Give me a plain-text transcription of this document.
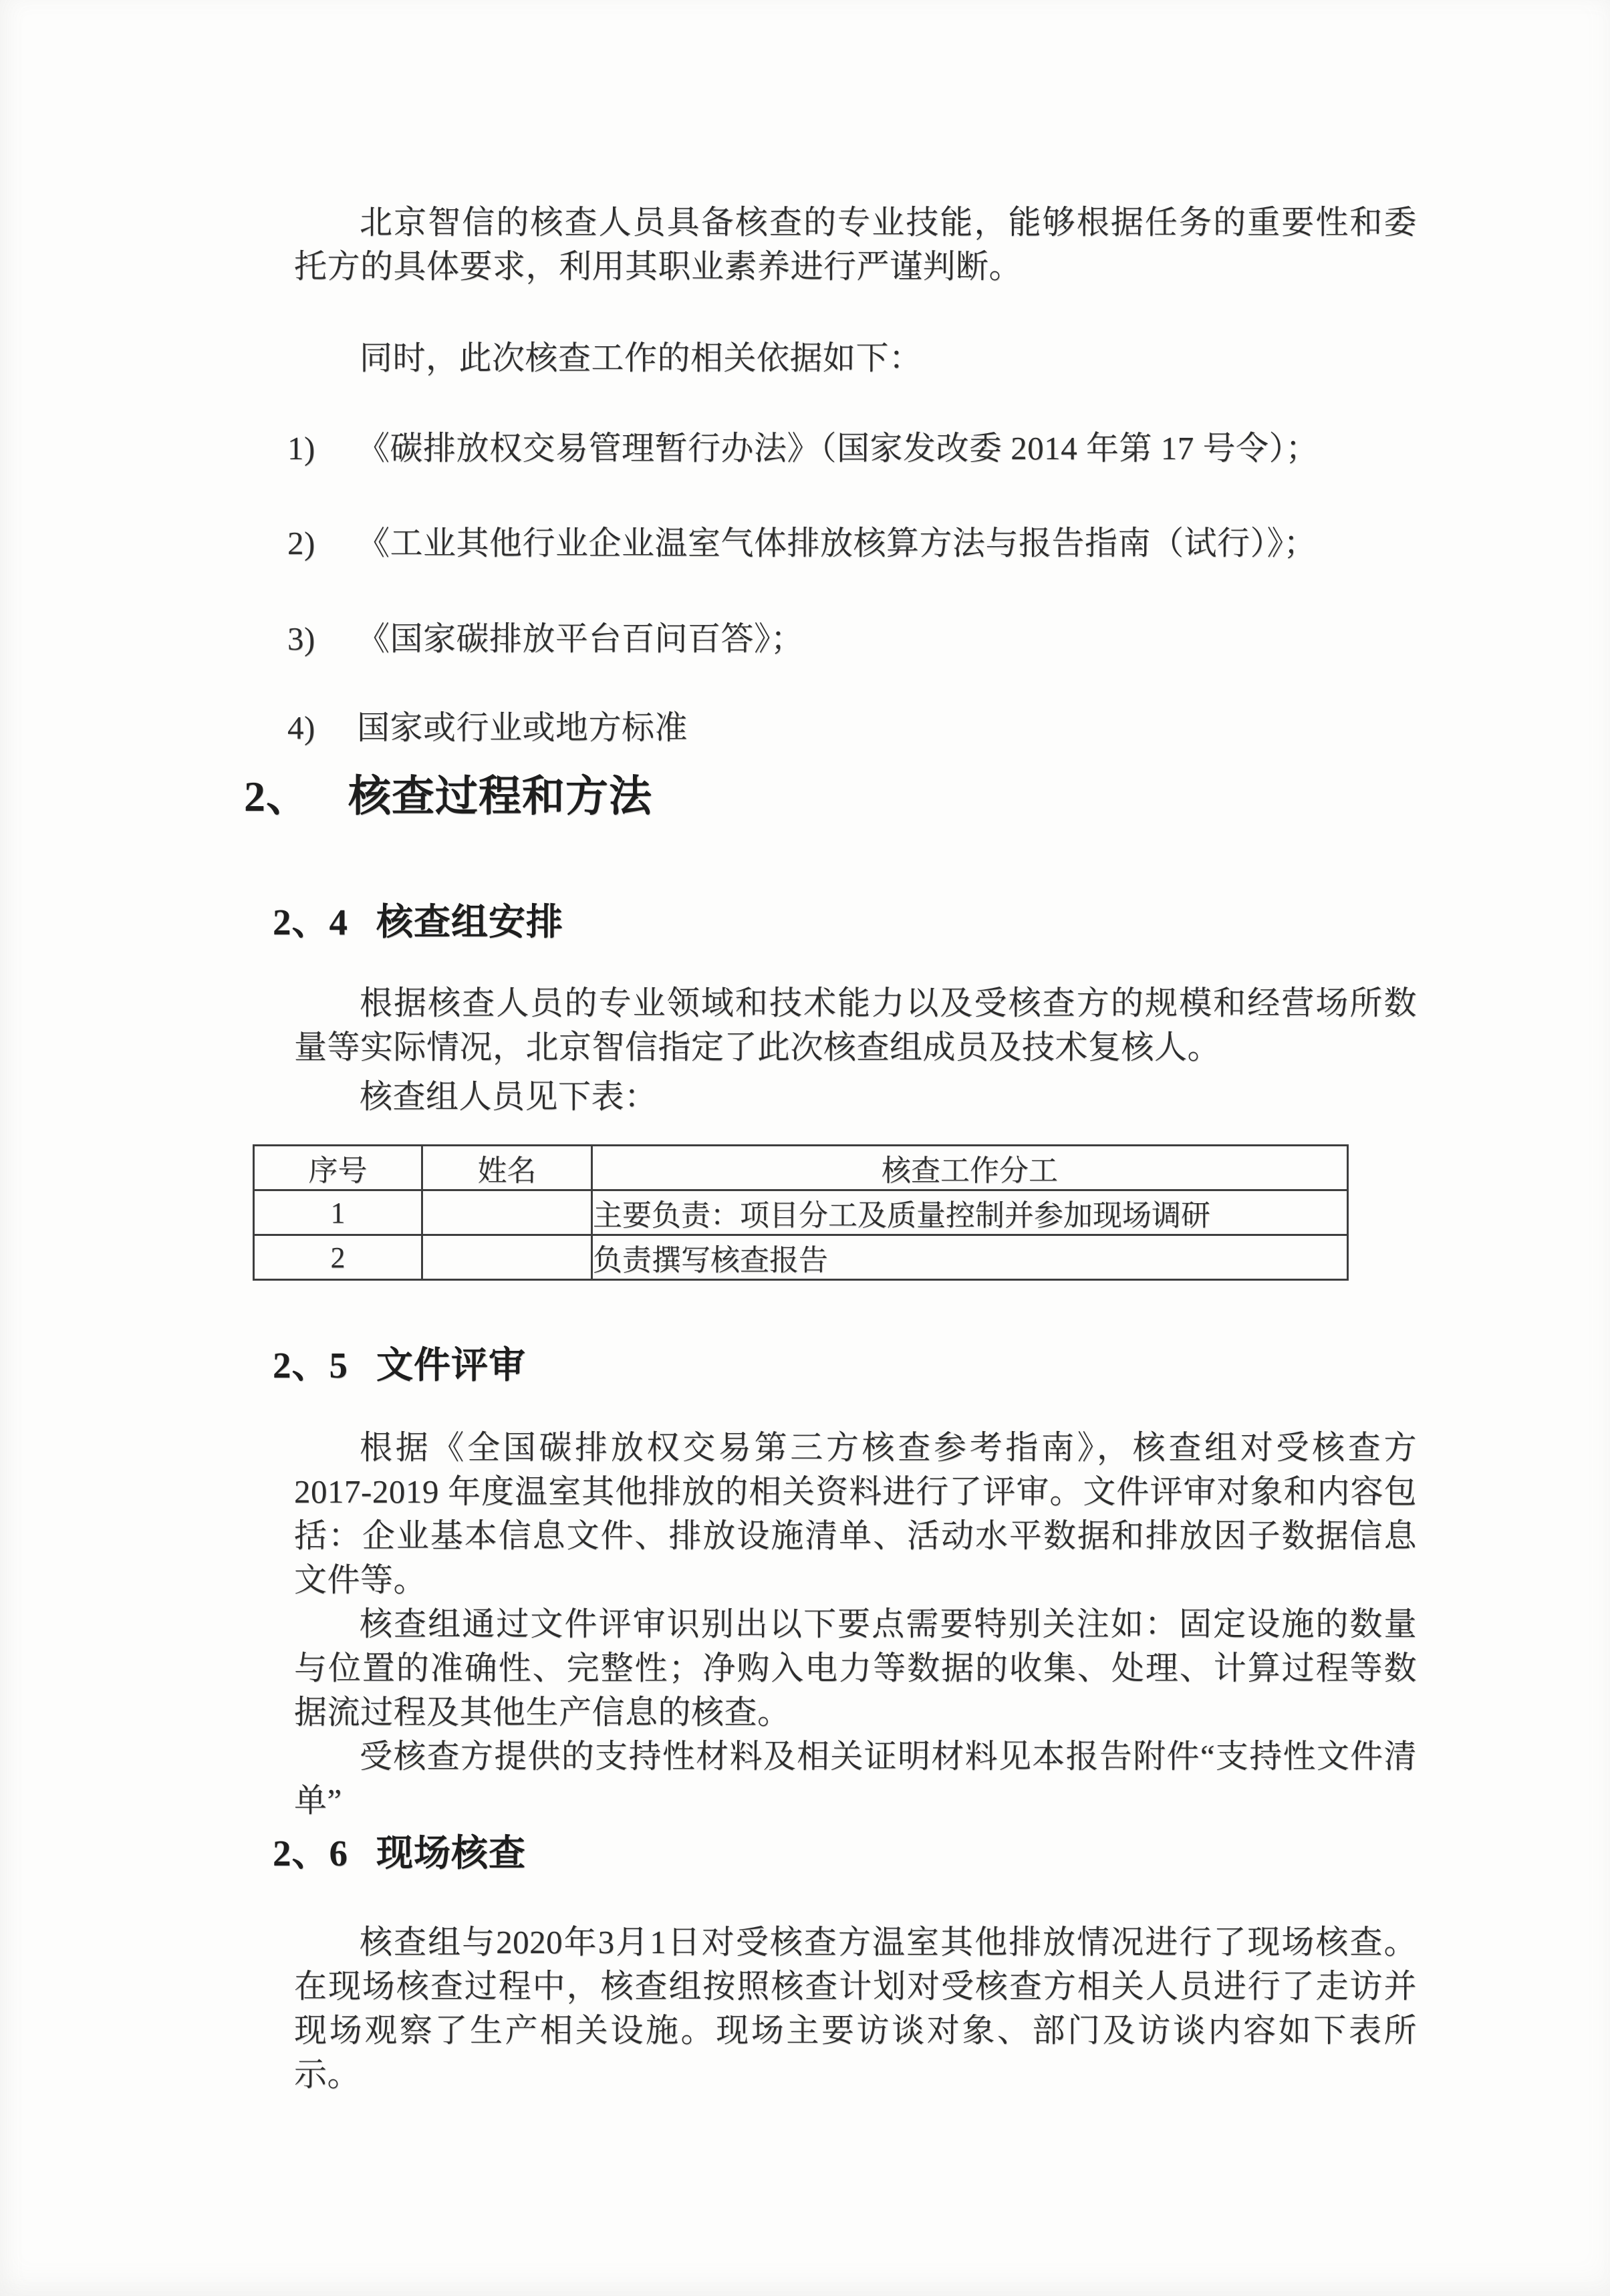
北京智信的核查人员具备核查的专业技能，能够根据任务的重要性和委托方的具体要求，利用其职业素养进行严谨判断。

同时，此次核查工作的相关依据如下：

1)	《碳排放权交易管理暂行办法》（国家发改委 2014 年第 17 号令）；
2)	《工业其他行业企业温室气体排放核算方法与报告指南（试行）》；
3)	《国家碳排放平台百问百答》；
4)	国家或行业或地方标准
2、 核查过程和方法
2、4 核查组安排

根据核查人员的专业领域和技术能力以及受核查方的规模和经营场所数量等实际情况，北京智信指定了此次核查组成员及技术复核人。

核查组人员见下表：

序号	姓名	核查工作分工
1		主要负责：项目分工及质量控制并参加现场调研
2		负责撰写核查报告
2、5 文件评审

根据《全国碳排放权交易第三方核查参考指南》，核查组对受核查方 2017-2019 年度温室其他排放的相关资料进行了评审。文件评审对象和内容包括：企业基本信息文件、排放设施清单、活动水平数据和排放因子数据信息文件等。

核查组通过文件评审识别出以下要点需要特别关注如：固定设施的数量与位置的准确性、完整性；净购入电力等数据的收集、处理、计算过程等数据流过程及其他生产信息的核查。

受核查方提供的支持性材料及相关证明材料见本报告附件“支持性文件清单”

2、6 现场核查

核查组与2020年3月1日对受核查方温室其他排放情况进行了现场核查。在现场核查过程中，核查组按照核查计划对受核查方相关人员进行了走访并现场观察了生产相关设施。现场主要访谈对象、部门及访谈内容如下表所示。
